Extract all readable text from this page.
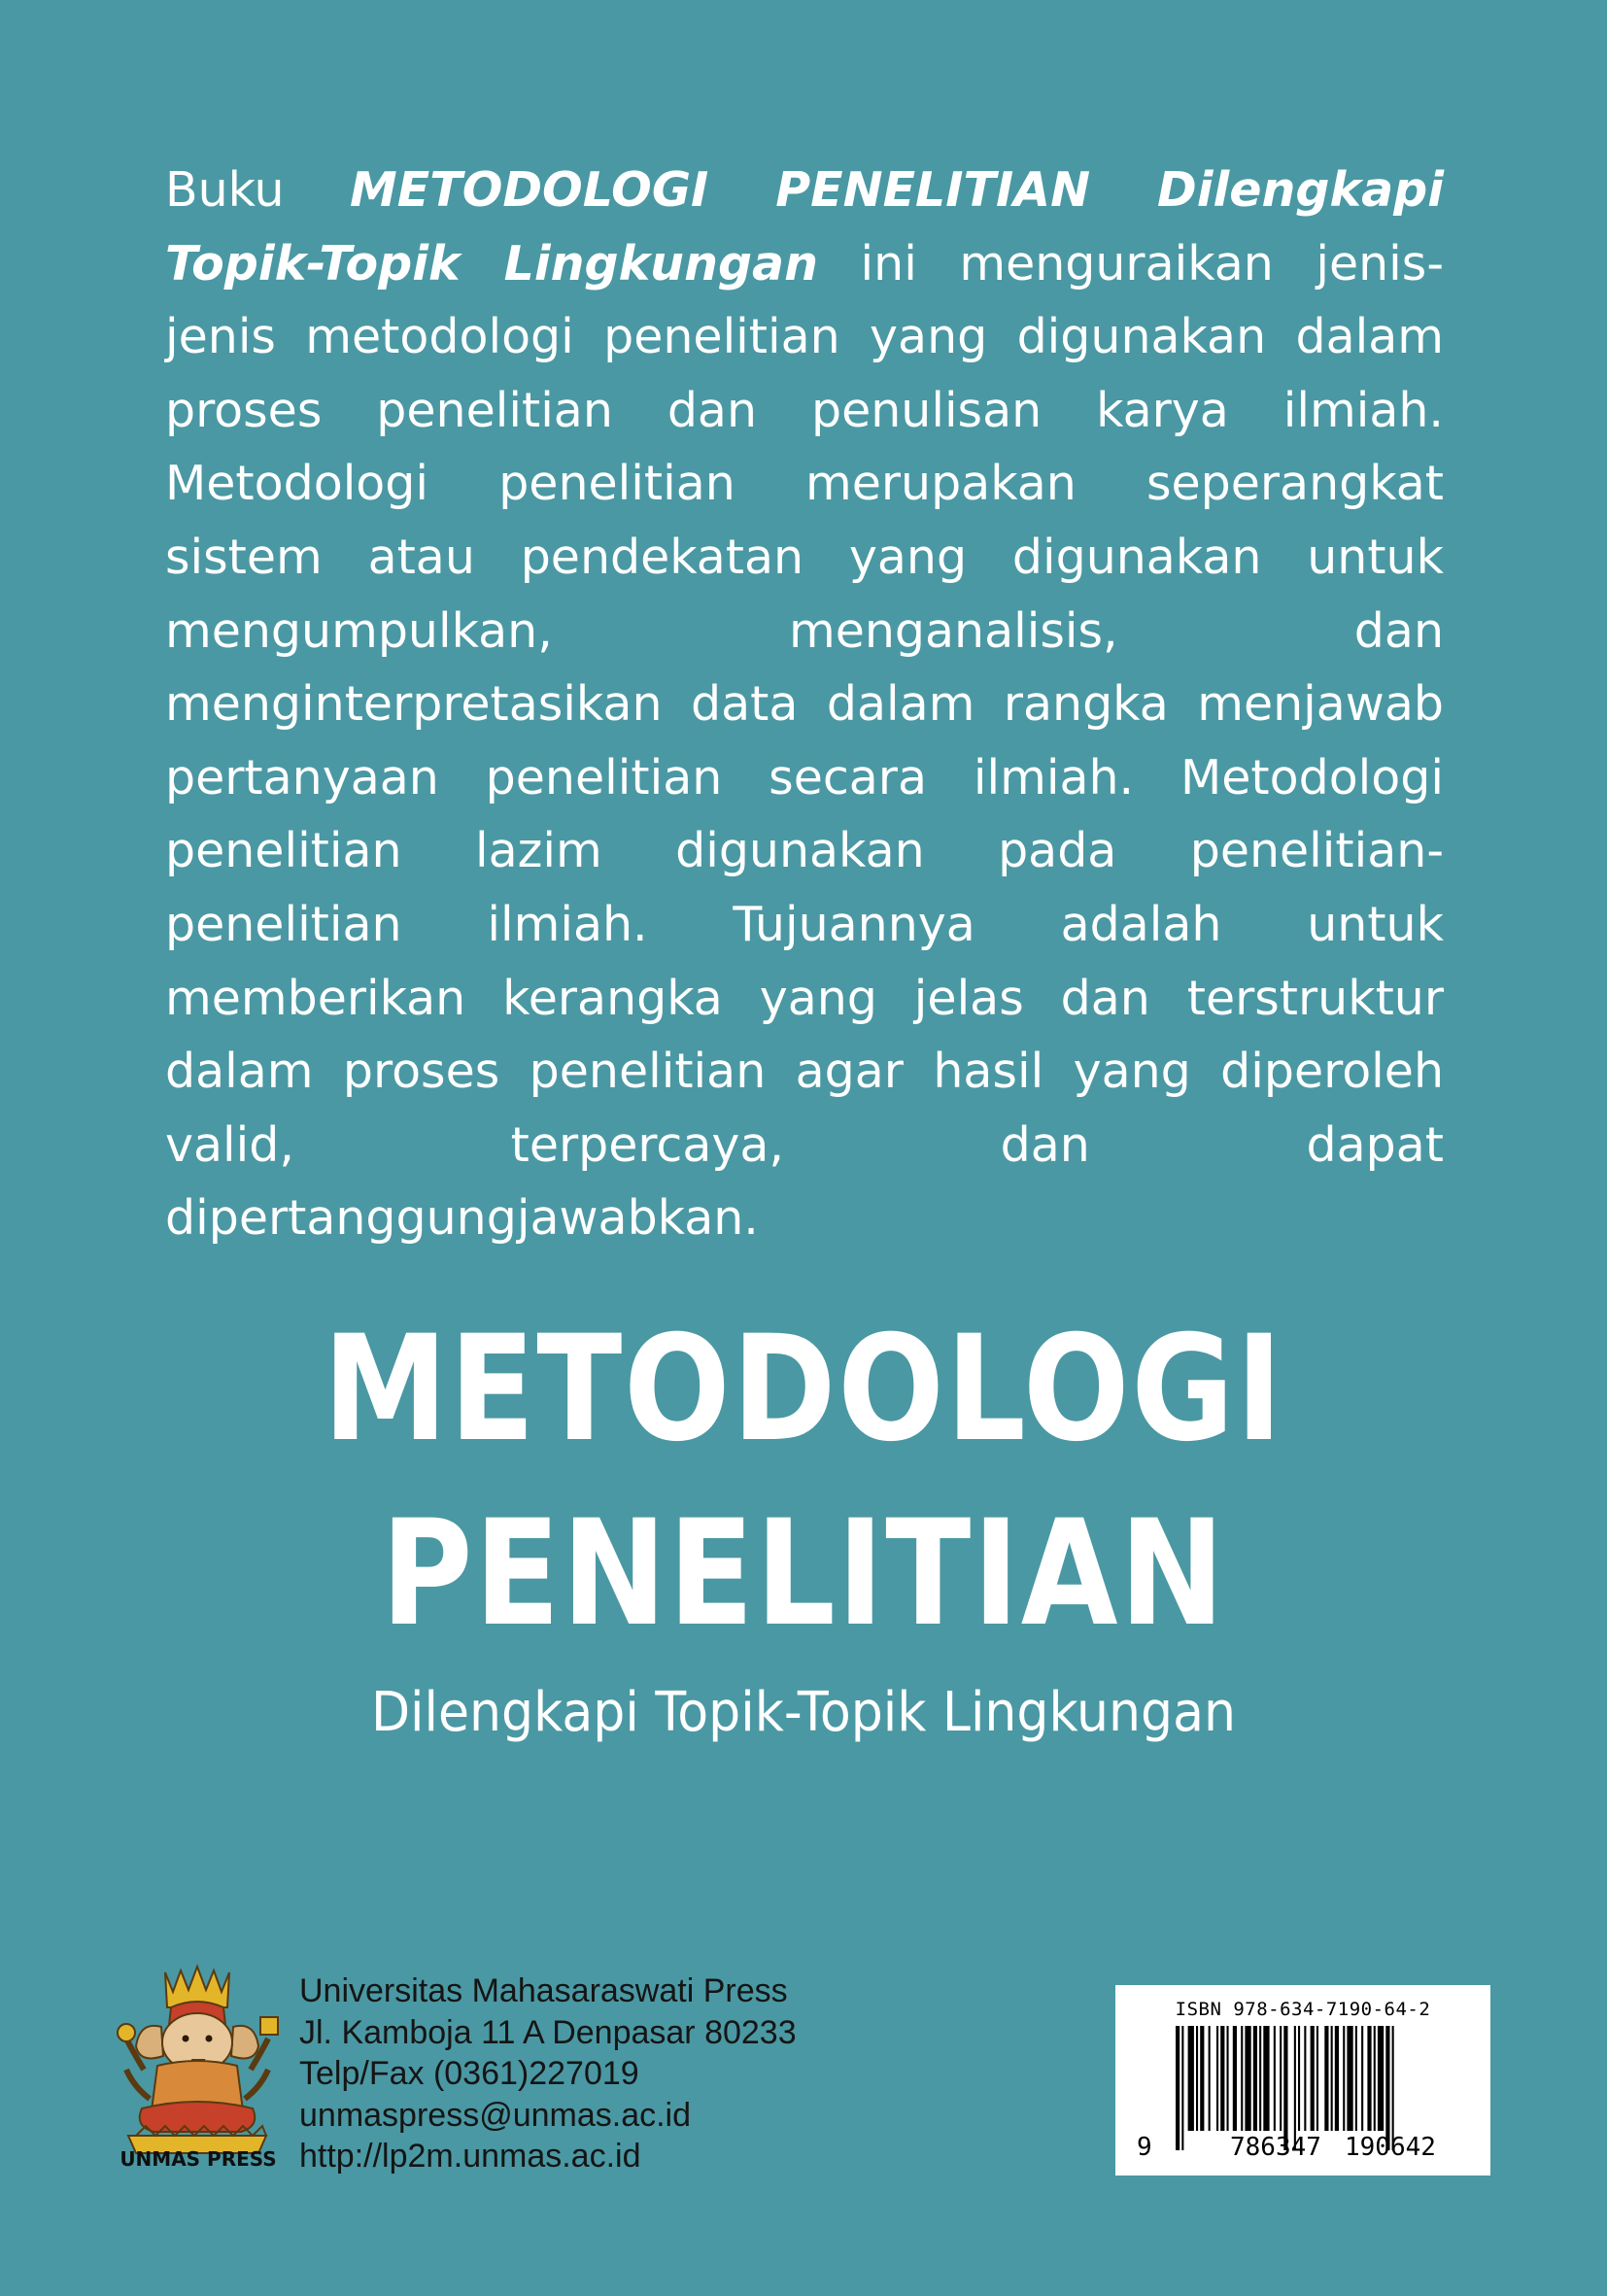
Buku METODOLOGI PENELITIAN Dilengkapi Topik-Topik Lingkungan ini menguraikan jenis-jenis metodologi penelitian yang digunakan dalam proses penelitian dan penulisan karya ilmiah. Metodologi penelitian merupakan seperangkat sistem atau pendekatan yang digunakan untuk mengumpulkan, menganalisis, dan menginterpretasikan data dalam rangka menjawab pertanyaan penelitian secara ilmiah. Metodologi penelitian lazim digunakan pada penelitian-penelitian ilmiah. Tujuannya adalah untuk memberikan kerangka yang jelas dan terstruktur dalam proses penelitian agar hasil yang diperoleh valid, terpercaya, dan dapat dipertanggungjawabkan.

METODOLOGI
PENELITIAN
Dilengkapi Topik-Topik Lingkungan
UNMAS PRESS
Universitas Mahasaraswati Press
Jl. Kamboja 11 A Denpasar 80233
Telp/Fax (0361)227019
unmaspress@unmas.ac.id
http://lp2m.unmas.ac.id
ISBN 978-634-7190-64-2
9	786347 190642
